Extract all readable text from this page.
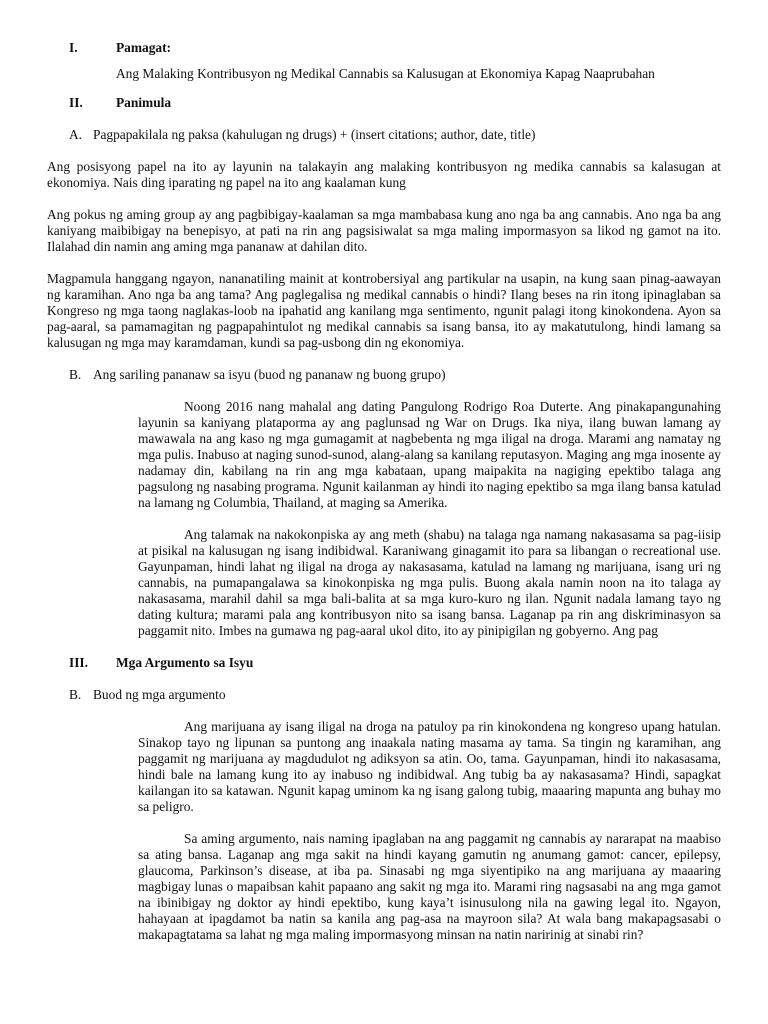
I.	Pamagat:
Ang Malaking Kontribusyon ng Medikal Cannabis sa Kalusugan at Ekonomiya Kapag Naaprubahan
II.	Panimula
A. Pagpapakilala ng paksa (kahulugan ng drugs) + (insert citations; author, date, title)

Ang posisyong papel na ito ay layunin na talakayin ang malaking kontribusyon ng medika cannabis sa kalasugan at ekonomiya. Nais ding iparating ng papel na ito ang kaalaman kung

Ang pokus ng aming group ay ang pagbibigay-kaalaman sa mga mambabasa kung ano nga ba ang cannabis. Ano nga ba ang kaniyang maibibigay na benepisyo, at pati na rin ang pagsisiwalat sa mga maling impormasyon sa likod ng gamot na ito. Ilalahad din namin ang aming mga pananaw at dahilan dito.

Magpamula hanggang ngayon, nananatiling mainit at kontrobersiyal ang partikular na usapin, na kung saan pinag-aawayan ng karamihan. Ano nga ba ang tama? Ang paglegalisa ng medikal cannabis o hindi? Ilang beses na rin itong ipinaglaban sa Kongreso ng mga taong naglakas-loob na ipahatid ang kanilang mga sentimento, ngunit palagi itong kinokondena. Ayon sa pag-aaral, sa pamamagitan ng pagpapahintulot ng medikal cannabis sa isang bansa, ito ay makatutulong, hindi lamang sa kalusugan ng mga may karamdaman, kundi sa pag-usbong din ng ekonomiya.

B. Ang sariling pananaw sa isyu (buod ng pananaw ng buong grupo)

Noong 2016 nang mahalal ang dating Pangulong Rodrigo Roa Duterte. Ang pinakapangunahing layunin sa kaniyang plataporma ay ang paglunsad ng War on Drugs. Ika niya, ilang buwan lamang ay mawawala na ang kaso ng mga gumagamit at nagbebenta ng mga iligal na droga. Marami ang namatay ng mga pulis. Inabuso at naging sunod-sunod, alang-alang sa kanilang reputasyon. Maging ang mga inosente ay nadamay din, kabilang na rin ang mga kabataan, upang maipakita na nagiging epektibo talaga ang pagsulong ng nasabing programa. Ngunit kailanman ay hindi ito naging epektibo sa mga ilang bansa katulad na lamang ng Columbia, Thailand, at maging sa Amerika.

Ang talamak na nakokonpiska ay ang meth (shabu) na talaga nga namang nakasasama sa pag-iisip at pisikal na kalusugan ng isang indibidwal. Karaniwang ginagamit ito para sa libangan o recreational use. Gayunpaman, hindi lahat ng iligal na droga ay nakasasama, katulad na lamang ng marijuana, isang uri ng cannabis, na pumapangalawa sa kinokonpiska ng mga pulis. Buong akala namin noon na ito talaga ay nakasasama, marahil dahil sa mga bali-balita at sa mga kuro-kuro ng ilan. Ngunit nadala lamang tayo ng dating kultura; marami pala ang kontribusyon nito sa isang bansa. Laganap pa rin ang diskriminasyon sa paggamit nito. Imbes na gumawa ng pag-aaral ukol dito, ito ay pinipigilan ng gobyerno. Ang pag

III.	Mga Argumento sa Isyu
B. Buod ng mga argumento

Ang marijuana ay isang iligal na droga na patuloy pa rin kinokondena ng kongreso upang hatulan. Sinakop tayo ng lipunan sa puntong ang inaakala nating masama ay tama. Sa tingin ng karamihan, ang paggamit ng marijuana ay magdudulot ng adiksyon sa atin. Oo, tama. Gayunpaman, hindi ito nakasasama, hindi bale na lamang kung ito ay inabuso ng indibidwal. Ang tubig ba ay nakasasama? Hindi, sapagkat kailangan ito sa katawan. Ngunit kapag uminom ka ng isang galong tubig, maaaring mapunta ang buhay mo sa peligro.

Sa aming argumento, nais naming ipaglaban na ang paggamit ng cannabis ay nararapat na maabiso sa ating bansa. Laganap ang mga sakit na hindi kayang gamutin ng anumang gamot: cancer, epilepsy, glaucoma, Parkinson’s disease, at iba pa. Sinasabi ng mga siyentipiko na ang marijuana ay maaaring magbigay lunas o mapaibsan kahit papaano ang sakit ng mga ito. Marami ring nagsasabi na ang mga gamot na ibinibigay ng doktor ay hindi epektibo, kung kaya’t isinusulong nila na gawing legal ito. Ngayon, hahayaan at ipagdamot ba natin sa kanila ang pag-asa na mayroon sila? At wala bang makapagsasabi o makapagtatama sa lahat ng mga maling impormasyong minsan na natin naririnig at sinabi rin?
